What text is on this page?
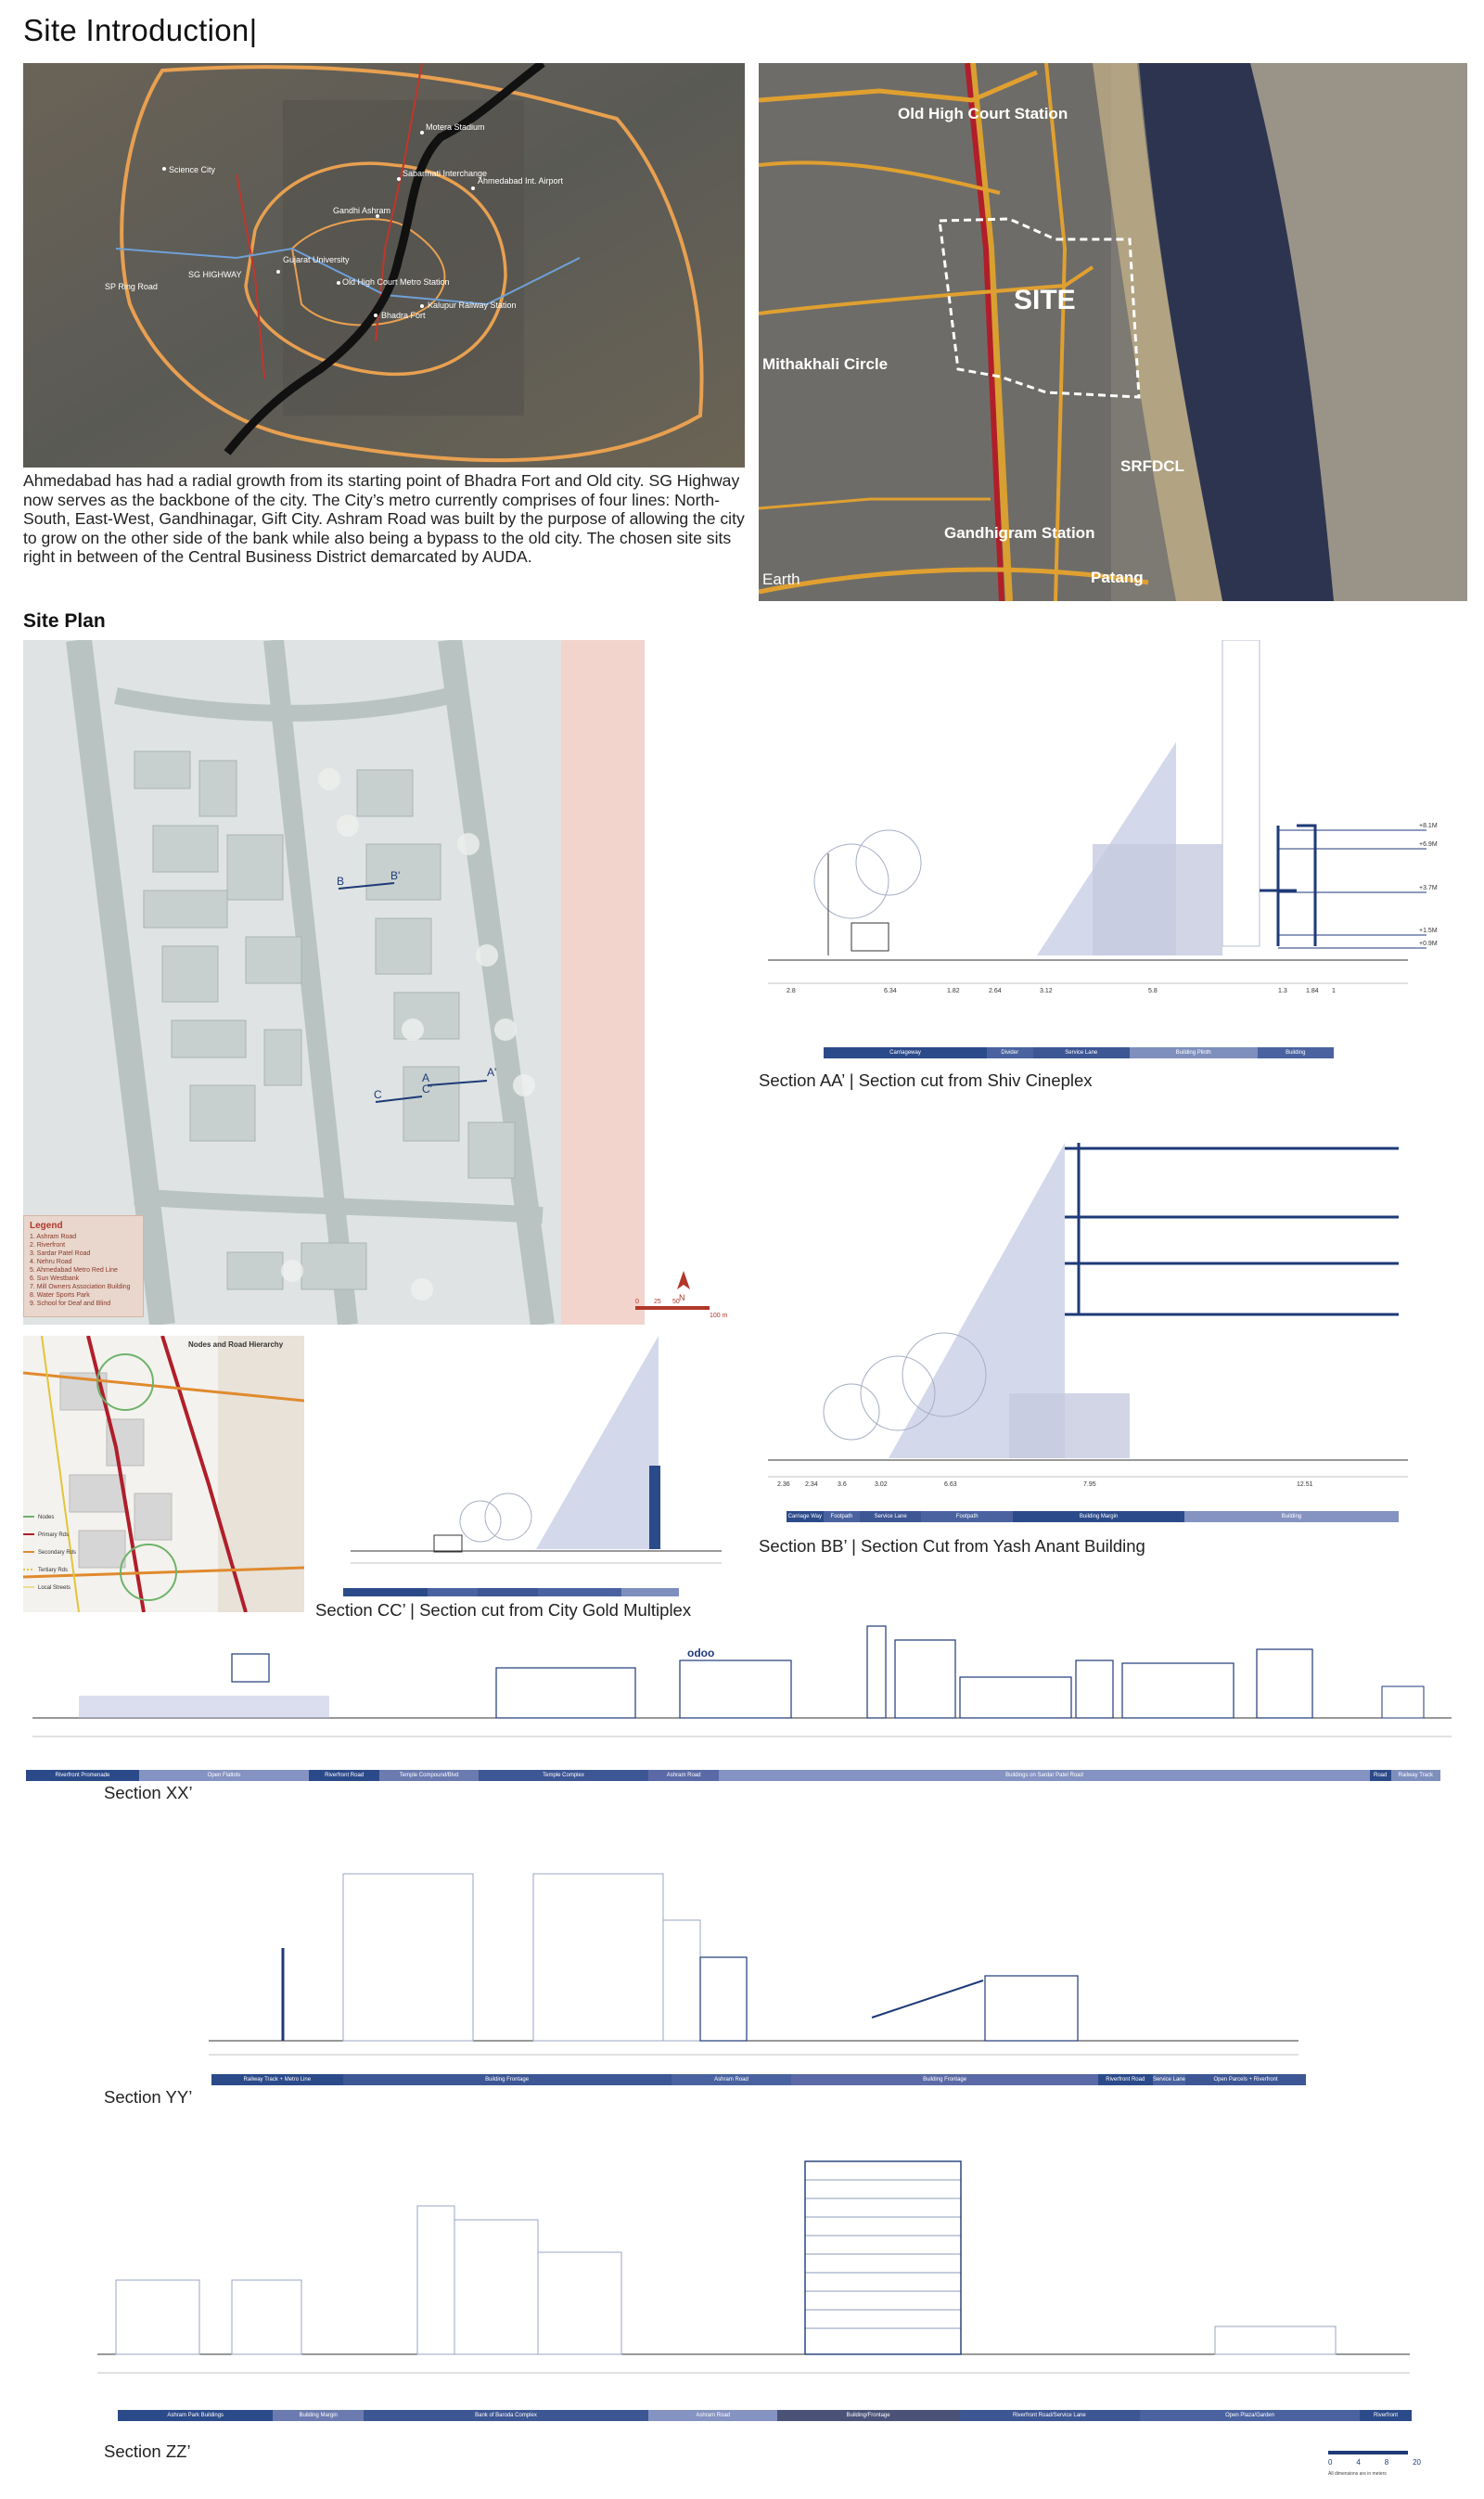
Site Introduction|
Science City
Motera Stadium
Sabarmati Interchange
Ahmedabad Int. Airport
Gandhi Ashram
Gujarat University
SG HIGHWAY
SP Ring Road	Old High Court Metro Station
Kalupur Railway Station
Bhadra Fort
Old High Court Station
SITE
Mithakhali Circle
SRFDCL
Gandhigram Station
Patang
Earth
Ahmedabad has had a radial growth from its starting point of Bhadra Fort and Old city. SG Highway now serves as the backbone of the city. The City’s metro currently comprises of four lines: North-South, East-West, Gandhinagar, Gift City. Ashram Road was built by the purpose of allowing the city to grow on the other side of the bank while also being a bypass to the old city. The chosen site sits right in between of the Central Business District demarcated by AUDA.
Site Plan
B	B'
A	A'
C	C'
N
0 25 50
100 m
Legend
1. Ashram Road
2. Riverfront
3. Sardar Patel Road
4. Nehru Road
5. Ahmedabad Metro Red Line
6. Sun Westbank
7. Mill Owners Association Building
8. Water Sports Park
9. School for Deaf and Blind
+8.1M
+6.9M
+3.7M
+1.5M
+0.9M
2.8	6.34	1.82	2.64	3.12	5.8	1.3	1.84 1
Carriageway	Divider	Service Lane	Building Plinth	Building
Section AA’ | Section cut from Shiv Cineplex
2.36 2.34	3.6	3.02	6.63	7.95	12.51
Carriage Way	Footpath	Service Lane	Footpath	Building Margin	Building
Section BB’ | Section Cut from Yash Anant Building
Nodes and Road Hierarchy
Nodes
Primary Rds
Secondary Rds
Tertiary Rds
Local Streets
Section CC’ | Section cut from City Gold Multiplex
odoo
Riverfront Promenade	Open Flatlots	Riverfront Road	Temple Compound/Blvd	Temple Complex	Ashram Road	Buildings on Sardar Patel Road	Road	Railway Track
Section XX’
Railway Track + Metro Line	Building Frontage	Ashram Road	Building Frontage	Riverfront Road	Service Lane	Open Parcels + Riverfront
Section YY’
Ashram Park Buildings	Building Margin	Bank of Baroda Complex	Ashram Road	Building/Frontage	Riverfront Road/Service Lane	Open Plaza/Garden	Riverfront
Section ZZ’
0	4	8	20
All dimensions are in meters
